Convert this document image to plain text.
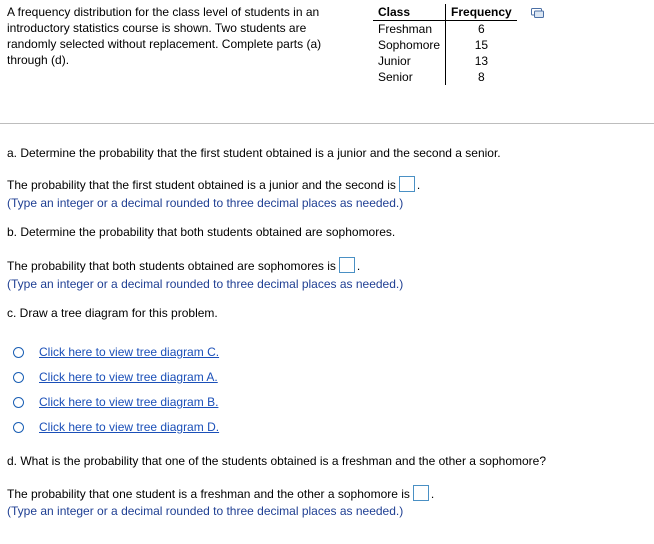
A frequency distribution for the class level of students in an introductory statistics course is shown. Two students are randomly selected without replacement. Complete parts (a) through (d).
Class	Frequency
Freshman	6
Sophomore	15
Junior	13
Senior	8
a. Determine the probability that the first student obtained is a junior and the second a senior.
The probability that the first student obtained is a junior and the second is .
(Type an integer or a decimal rounded to three decimal places as needed.)
b. Determine the probability that both students obtained are sophomores.
The probability that both students obtained are sophomores is .
(Type an integer or a decimal rounded to three decimal places as needed.)
c. Draw a tree diagram for this problem.
Click here to view tree diagram C.
Click here to view tree diagram A.
Click here to view tree diagram B.
Click here to view tree diagram D.
d. What is the probability that one of the students obtained is a freshman and the other a sophomore?
The probability that one student is a freshman and the other a sophomore is .
(Type an integer or a decimal rounded to three decimal places as needed.)
